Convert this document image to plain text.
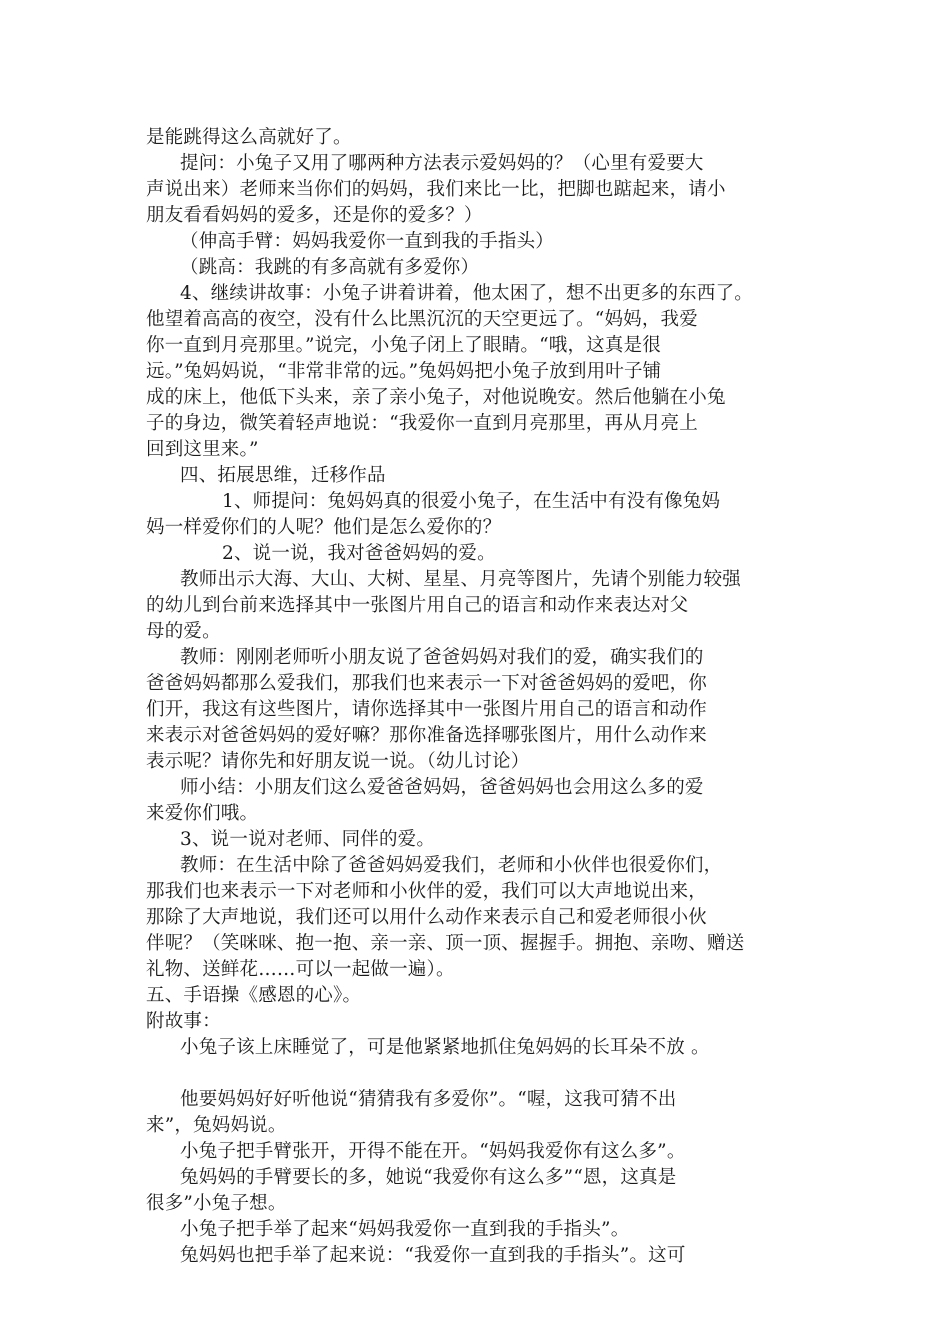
是能跳得这么高就好了。
提问：小兔子又用了哪两种方法表示爱妈妈的？（心里有爱要大
声说出来）老师来当你们的妈妈，我们来比一比，把脚也踮起来，请小
朋友看看妈妈的爱多，还是你的爱多？）
（伸高手臂：妈妈我爱你一直到我的手指头）
（跳高：我跳的有多高就有多爱你）
4、继续讲故事：小兔子讲着讲着，他太困了，想不出更多的东西了。
他望着高高的夜空，没有什么比黑沉沉的天空更远了。“妈妈，我爱
你一直到月亮那里。”说完，小兔子闭上了眼睛。“哦，这真是很
远。”兔妈妈说，“非常非常的远。”兔妈妈把小兔子放到用叶子铺
成的床上，他低下头来，亲了亲小兔子，对他说晚安。然后他躺在小兔
子的身边，微笑着轻声地说：“我爱你一直到月亮那里，再从月亮上
回到这里来。”
四、拓展思维，迁移作品
1、师提问：兔妈妈真的很爱小兔子，在生活中有没有像兔妈
妈一样爱你们的人呢？他们是怎么爱你的？
2、说一说，我对爸爸妈妈的爱。
教师出示大海、大山、大树、星星、月亮等图片，先请个别能力较强
的幼儿到台前来选择其中一张图片用自己的语言和动作来表达对父
母的爱。
教师：刚刚老师听小朋友说了爸爸妈妈对我们的爱，确实我们的
爸爸妈妈都那么爱我们，那我们也来表示一下对爸爸妈妈的爱吧，你
们开，我这有这些图片，请你选择其中一张图片用自己的语言和动作
来表示对爸爸妈妈的爱好嘛？那你准备选择哪张图片，用什么动作来
表示呢？请你先和好朋友说一说。（幼儿讨论）
师小结：小朋友们这么爱爸爸妈妈，爸爸妈妈也会用这么多的爱
来爱你们哦。
3、说一说对老师、同伴的爱。
教师：在生活中除了爸爸妈妈爱我们，老师和小伙伴也很爱你们，
那我们也来表示一下对老师和小伙伴的爱，我们可以大声地说出来，
那除了大声地说，我们还可以用什么动作来表示自己和爱老师很小伙
伴呢？（笑咪咪、抱一抱、亲一亲、顶一顶、握握手。拥抱、亲吻、赠送
礼物、送鲜花……可以一起做一遍）。
五、手语操《感恩的心》。
附故事：
小兔子该上床睡觉了，可是他紧紧地抓住兔妈妈的长耳朵不放 。
他要妈妈好好听他说“猜猜我有多爱你”。“喔，这我可猜不出
来”，兔妈妈说。
小兔子把手臂张开，开得不能在开。“妈妈我爱你有这么多”。
兔妈妈的手臂要长的多，她说“我爱你有这么多”“恩，这真是
很多”小兔子想。
小兔子把手举了起来“妈妈我爱你一直到我的手指头”。
兔妈妈也把手举了起来说：“我爱你一直到我的手指头”。这可
